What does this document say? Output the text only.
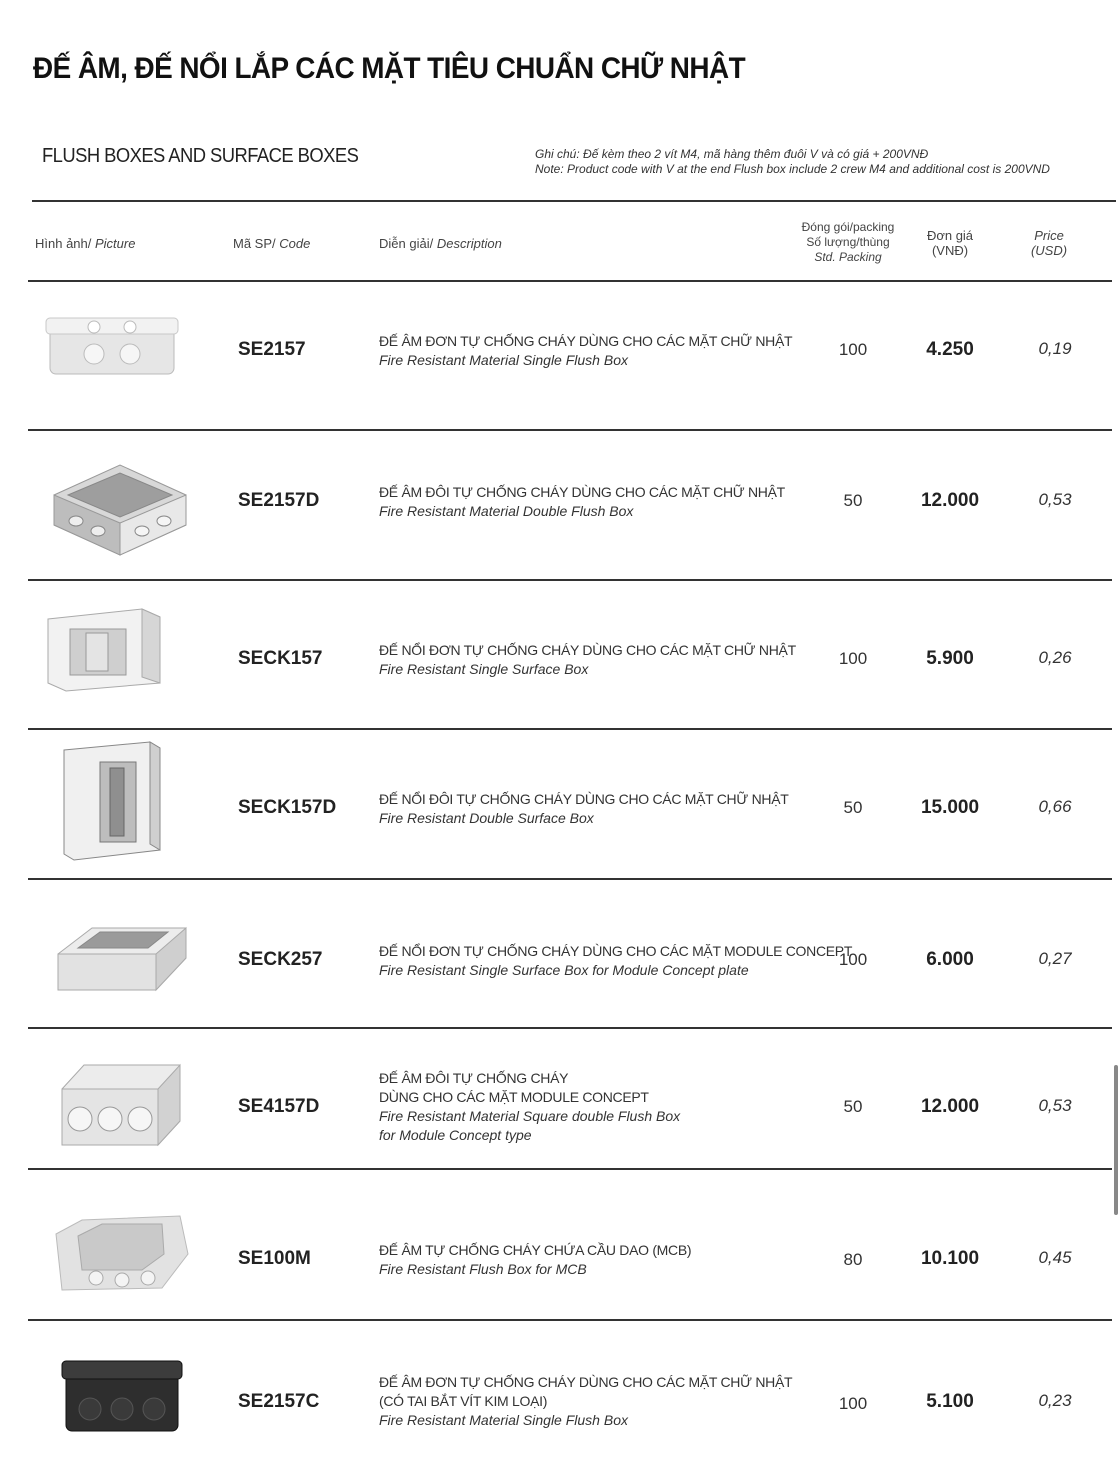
ĐẾ ÂM, ĐẾ NỔI LẮP CÁC MẶT TIÊU CHUẨN CHỮ NHẬT
FLUSH BOXES AND SURFACE BOXES	Ghi chú: Đế kèm theo 2 vít M4, mã hàng thêm đuôi V và có giá + 200VNĐ
Note: Product code with V at the end Flush box include 2 crew M4 and additional cost is 200VND
Hình ảnh/ Picture	Mã SP/ Code	Diễn giải/ Description
Đóng gói/packing
Số lượng/thùng
Std. Packing
Đơn giá
(VNĐ)
Price
(USD)
SE2157	ĐẾ ÂM ĐƠN TỰ CHỐNG CHÁY DÙNG CHO CÁC MẶT CHỮ NHẬT
Fire Resistant Material Single Flush Box
100	4.250	0,19
SE2157D	ĐẾ ÂM ĐÔI TỰ CHỐNG CHÁY DÙNG CHO CÁC MẶT CHỮ NHẬT
Fire Resistant Material Double Flush Box
50	12.000	0,53
SECK157	ĐẾ NỔI ĐƠN TỰ CHỐNG CHÁY DÙNG CHO CÁC MẶT CHỮ NHẬT
Fire Resistant Single Surface Box
100	5.900	0,26
SECK157D	ĐẾ NỔI ĐÔI TỰ CHỐNG CHÁY DÙNG CHO CÁC MẶT CHỮ NHẬT
Fire Resistant Double Surface Box
50	15.000	0,66
SECK257	ĐẾ NỔI ĐƠN TỰ CHỐNG CHÁY DÙNG CHO CÁC MẶT MODULE CONCEPT
Fire Resistant Single Surface Box for Module Concept plate
100	6.000	0,27
SE4157D
ĐẾ ÂM ĐÔI TỰ CHỐNG CHÁY
DÙNG CHO CÁC MẶT MODULE CONCEPT
Fire Resistant Material Square double Flush Box
for Module Concept type
50	12.000	0,53
SE100M	ĐẾ ÂM TỰ CHỐNG CHÁY CHỨA CẦU DAO (MCB)
Fire Resistant Flush Box for MCB	80	10.100	0,45
SE2157C
ĐẾ ÂM ĐƠN TỰ CHỐNG CHÁY DÙNG CHO CÁC MẶT CHỮ NHẬT
(CÓ TAI BẮT VÍT KIM LOẠI)
Fire Resistant Material Single Flush Box
100	5.100	0,23
